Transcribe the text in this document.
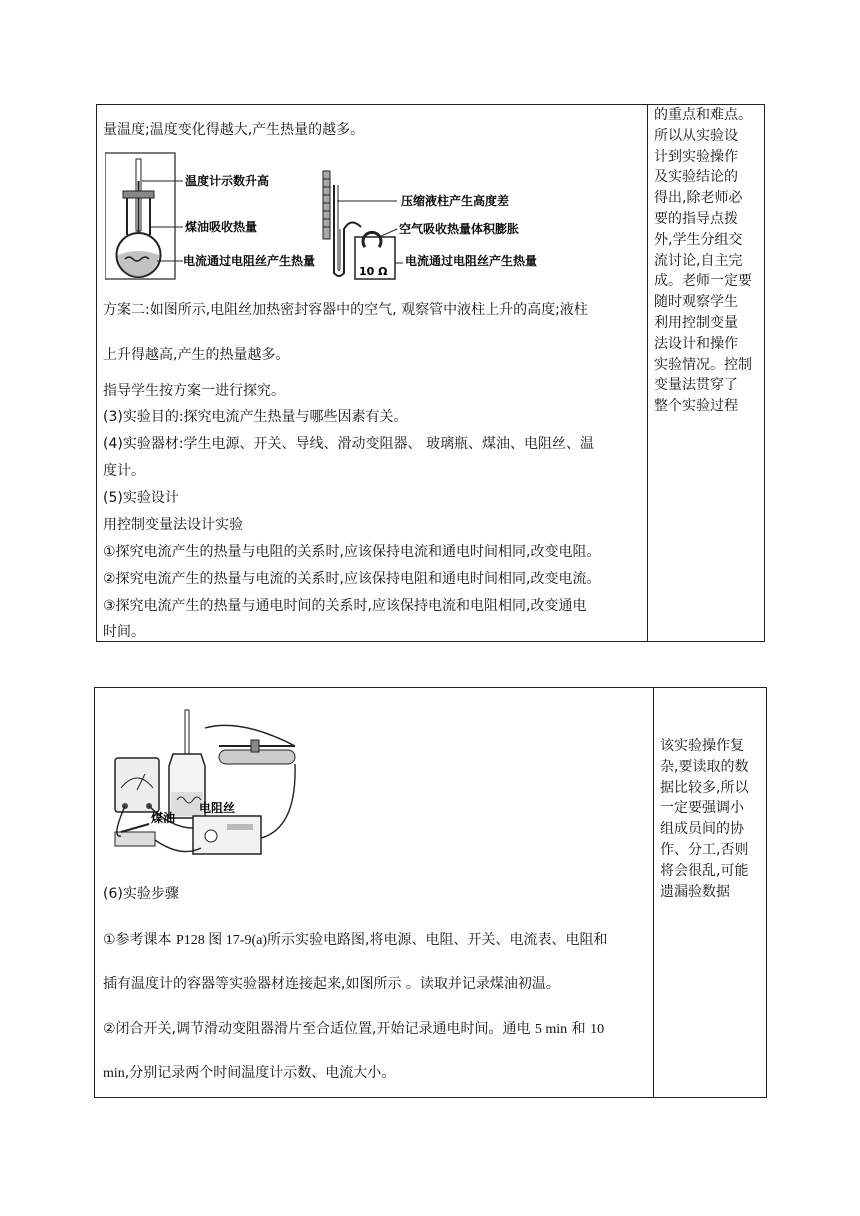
量温度;温度变化得越大,产生热量的越多。
温度计示数升高
煤油吸收热量
电流通过电阻丝产生热量
10 Ω
压缩液柱产生高度差
空气吸收热量体积膨胀
电流通过电阻丝产生热量
方案二:如图所示,电阻丝加热密封容器中的空气, 观察管中液柱上升的高度;液柱
上升得越高,产生的热量越多。
指导学生按方案一进行探究。
(3)实验目的:探究电流产生热量与哪些因素有关。
(4)实验器材:学生电源、开关、导线、滑动变阻器、 玻璃瓶、煤油、电阻丝、温
度计。
(5)实验设计
用控制变量法设计实验
①探究电流产生的热量与电阻的关系时,应该保持电流和通电时间相同,改变电阻。
②探究电流产生的热量与电流的关系时,应该保持电阻和通电时间相同,改变电流。
③探究电流产生的热量与通电时间的关系时,应该保持电流和电阻相同,改变通电
时间。
的重点和难点。
所以从实验设
计到实验操作
及实验结论的
得出,除老师必
要的指导点拨
外,学生分组交
流讨论,自主完
成。老师一定要
随时观察学生
利用控制变量
法设计和操作
实验情况。控制
变量法贯穿了
整个实验过程
电阻丝
煤油
(6)实验步骤
①参考课本 P128 图 17-9(a)所示实验电路图,将电源、电阻、开关、电流表、电阻和
插有温度计的容器等实验器材连接起来,如图所示 。读取并记录煤油初温。
②闭合开关,调节滑动变阻器滑片至合适位置,开始记录通电时间。通电 5 min 和 10
min,分别记录两个时间温度计示数、电流大小。
该实验操作复
杂,要读取的数
据比较多,所以
一定要强调小
组成员间的协
作、分工,否则
将会很乱,可能
遗漏验数据
